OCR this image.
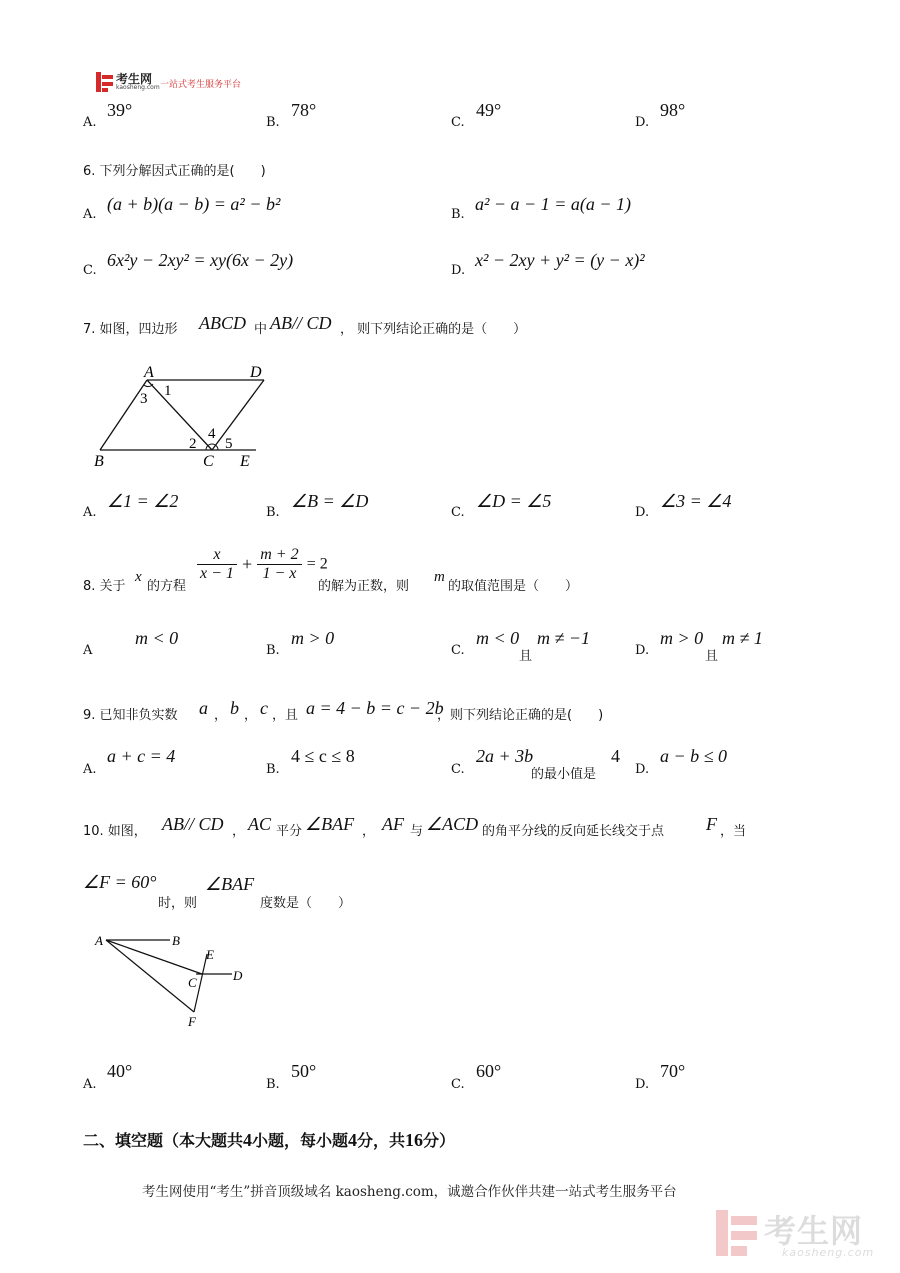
考生网
kaosheng.com 一站式考生服务平台
A.
39°
B.
78°
C.
49°
D.
98°
6. 下列分解因式正确的是(　　)
A.
(a + b)(a − b) = a² − b²
B.
a² − a − 1 = a(a − 1)
C.
6x²y − 2xy² = xy(6x − 2y)
D.
x² − 2xy + y² = (y − x)²
7. 如图，四边形 ABCD 中 AB// CD ， 则下列结论正确的是（　　）
A	D
B	C E
1
3
2
4
5
A.
∠1 = ∠2
B.
∠B = ∠D
C.
∠D = ∠5
D.
∠3 = ∠4
8. 关于
x
的方程
$\frac{x}{x - 1} + \frac{m + 2}{1 - x} = 2$
的解为正数，则
m
的取值范围是（　　）
A
m < 0
B.
m > 0
C.
m < 0
且
m ≠ −1
D.
m > 0
且
m ≠ 1
9. 已知非负实数 a ， b ， c ，且 a = 4 − b = c − 2b
，则下列结论正确的是(　　)
A.
a + c = 4
B.
4 ≤ c ≤ 8
C.
2a + 3b
的最小值是
4
D.
a − b ≤ 0
10. 如图， AB// CD ， AC 平分 ∠BAF ， AF 与 ∠ACD 的角平分线的反向延长线交于点 F ，当
∠F = 60°
时，则
∠BAF
度数是（　　）
A	B
E
D
C
F
A.
40°
B.
50°
C.
60°
D.
70°
二、填空题（本大题共4小题，每小题4分，共16分）
考生网使用“考生”拼音顶级域名 kaosheng.com，诚邀合作伙伴共建一站式考生服务平台
考生网
kaosheng.com
